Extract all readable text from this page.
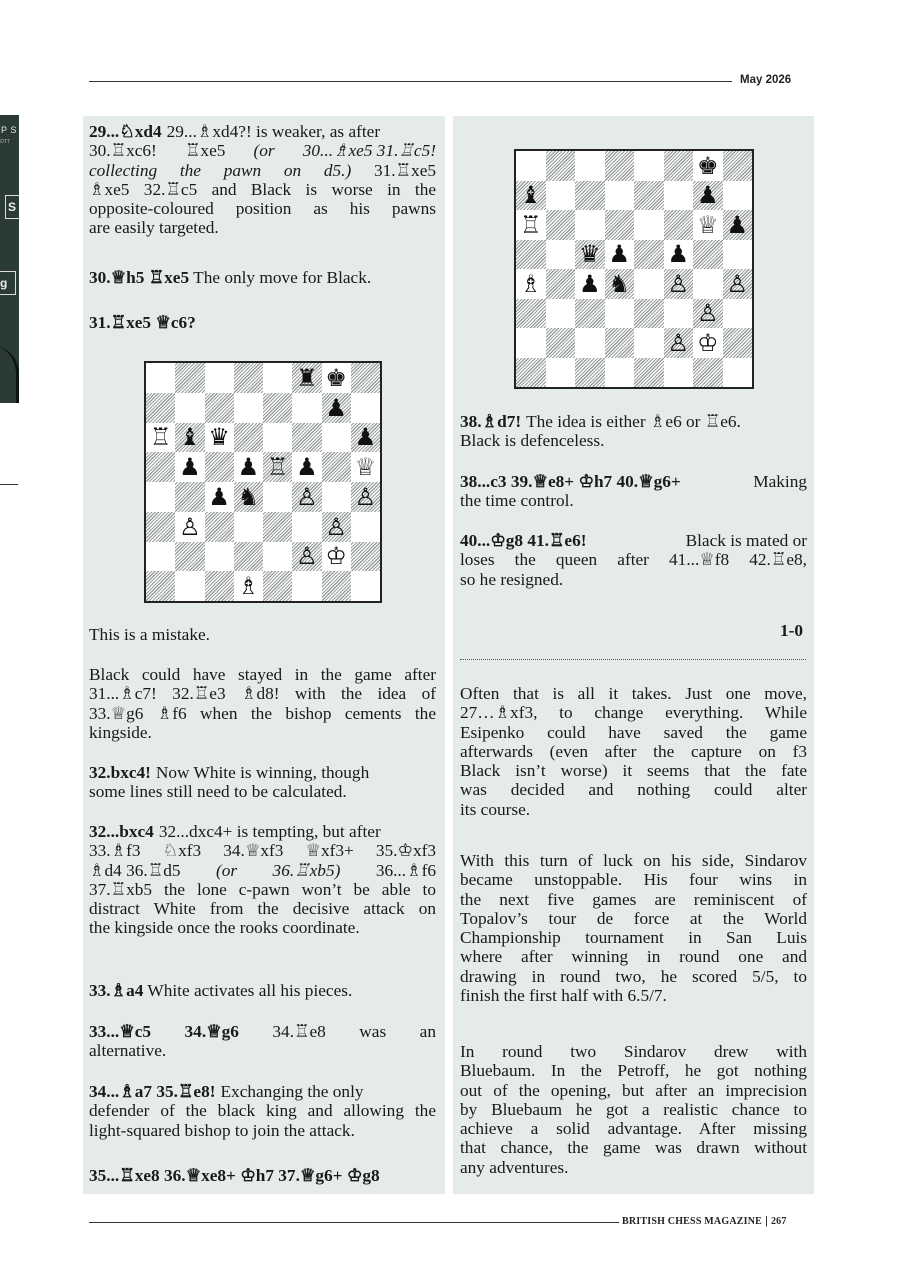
May 2026
P S
OTT
S
g
29...♘xd4 29...♗xd4?! is weaker, as after
30.♖xc6! ♖xe5 (or 30...♗xe5 31.♖c5!
collecting the pawn on d5.) 31.♖xe5
♗xe5 32.♖c5 and Black is worse in the
opposite-coloured position as his pawns
are easily targeted.
30.♕h5 ♖xe5 The only move for Black.
31.♖xe5 ♕c6?
♜ ♚
♟
♖ ♝ ♛	♟
♟ ♟ ♖ ♟ ♕
♟ ♞ ♙ ♙
♙	♙
♙ ♔
♗
This is a mistake.
Black could have stayed in the game after
31...♗c7! 32.♖e3 ♗d8! with the idea of
33.♕g6 ♗f6 when the bishop cements the
kingside.
32.bxc4! Now White is winning, though
some lines still need to be calculated.
32...bxc4 32...dxc4+ is tempting, but after
33.♗f3 ♘xf3 34.♕xf3 ♕xf3+ 35.♔xf3
♗d4 36.♖d5 (or 36.♖xb5) 36...♗f6
37.♖xb5 the lone c-pawn won’t be able to
distract White from the decisive attack on
the kingside once the rooks coordinate.
33.♗a4 White activates all his pieces.
33...♕c5 34.♕g6 34.♖e8 was an
alternative.
34...♗a7 35.♖e8! Exchanging the only
defender of the black king and allowing the
light-squared bishop to join the attack.
35...♖xe8 36.♕xe8+ ♔h7 37.♕g6+ ♔g8
♚
♝	♟
♖	♕ ♟
♛ ♟ ♟
♗ ♟ ♞ ♙ ♙
♙
♙ ♔
38.♗d7! The idea is either ♗e6 or ♖e6.
Black is defenceless.
38...c3 39.♕e8+ ♔h7 40.♕g6+	Making
the time control.
40...♔g8 41.♖e6!	Black is mated or
loses the queen after 41...♕f8 42.♖e8,
so he resigned.
1-0
Often that is all it takes. Just one move,
27…♗xf3, to change everything. While
Esipenko could have saved the game
afterwards (even after the capture on f3
Black isn’t worse) it seems that the fate
was decided and nothing could alter
its course.
With this turn of luck on his side, Sindarov
became unstoppable. His four wins in
the next five games are reminiscent of
Topalov’s tour de force at the World
Championship tournament in San Luis
where after winning in round one and
drawing in round two, he scored 5/5, to
finish the first half with 6.5/7.
In round two Sindarov drew with
Bluebaum. In the Petroff, he got nothing
out of the opening, but after an imprecision
by Bluebaum he got a realistic chance to
achieve a solid advantage. After missing
that chance, the game was drawn without
any adventures.
BRITISH CHESS MAGAZINE | 267
